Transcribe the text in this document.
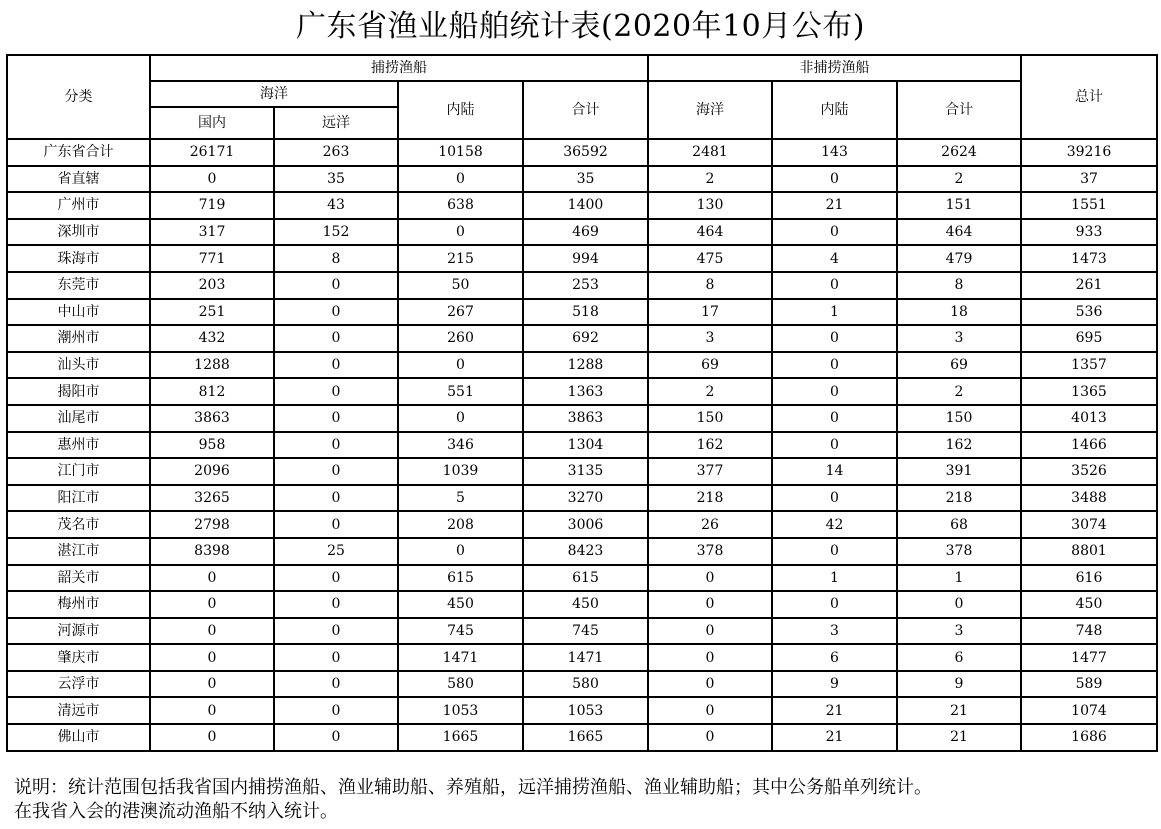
广东省渔业船舶统计表(2020年10月公布)
分类	捕捞渔船				非捕捞渔船			总计
	海洋		内陆	合计	海洋	内陆	合计	
	国内	远洋						
广东省合计	26171	263	10158	36592	2481	143	2624	39216
省直辖	0	35	0	35	2	0	2	37
广州市	719	43	638	1400	130	21	151	1551
深圳市	317	152	0	469	464	0	464	933
珠海市	771	8	215	994	475	4	479	1473
东莞市	203	0	50	253	8	0	8	261
中山市	251	0	267	518	17	1	18	536
潮州市	432	0	260	692	3	0	3	695
汕头市	1288	0	0	1288	69	0	69	1357
揭阳市	812	0	551	1363	2	0	2	1365
汕尾市	3863	0	0	3863	150	0	150	4013
惠州市	958	0	346	1304	162	0	162	1466
江门市	2096	0	1039	3135	377	14	391	3526
阳江市	3265	0	5	3270	218	0	218	3488
茂名市	2798	0	208	3006	26	42	68	3074
湛江市	8398	25	0	8423	378	0	378	8801
韶关市	0	0	615	615	0	1	1	616
梅州市	0	0	450	450	0	0	0	450
河源市	0	0	745	745	0	3	3	748
肇庆市	0	0	1471	1471	0	6	6	1477
云浮市	0	0	580	580	0	9	9	589
清远市	0	0	1053	1053	0	21	21	1074
佛山市	0	0	1665	1665	0	21	21	1686
说明：统计范围包括我省国内捕捞渔船、渔业辅助船、养殖船，远洋捕捞渔船、渔业辅助船；其中公务船单列统计。
在我省入会的港澳流动渔船不纳入统计。
